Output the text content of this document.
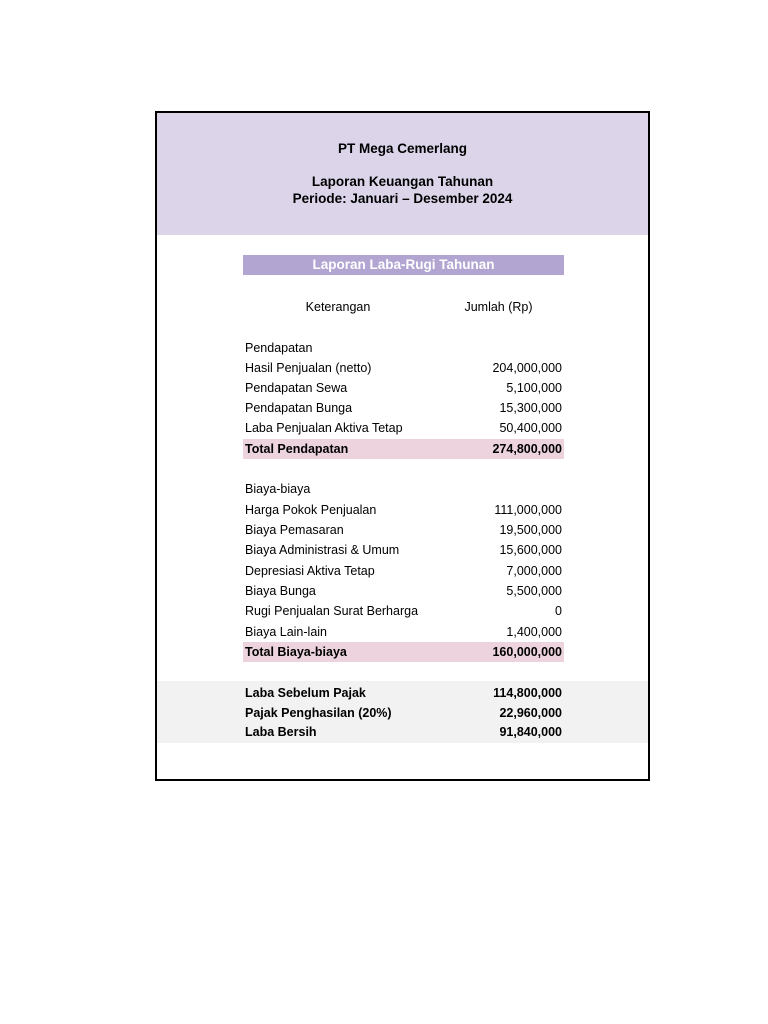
PT Mega Cemerlang
Laporan Keuangan Tahunan
Periode: Januari – Desember 2024
Laporan Laba-Rugi Tahunan
Keterangan	Jumlah (Rp)
Pendapatan
Hasil Penjualan (netto)	204,000,000
Pendapatan Sewa	5,100,000
Pendapatan Bunga	15,300,000
Laba Penjualan Aktiva Tetap	50,400,000
Total Pendapatan	274,800,000
Biaya-biaya
Harga Pokok Penjualan	111,000,000
Biaya Pemasaran	19,500,000
Biaya Administrasi & Umum	15,600,000
Depresiasi Aktiva Tetap	7,000,000
Biaya Bunga	5,500,000
Rugi Penjualan Surat Berharga	0
Biaya Lain-lain	1,400,000
Total Biaya-biaya	160,000,000
Laba Sebelum Pajak	114,800,000
Pajak Penghasilan (20%)	22,960,000
Laba Bersih	91,840,000
